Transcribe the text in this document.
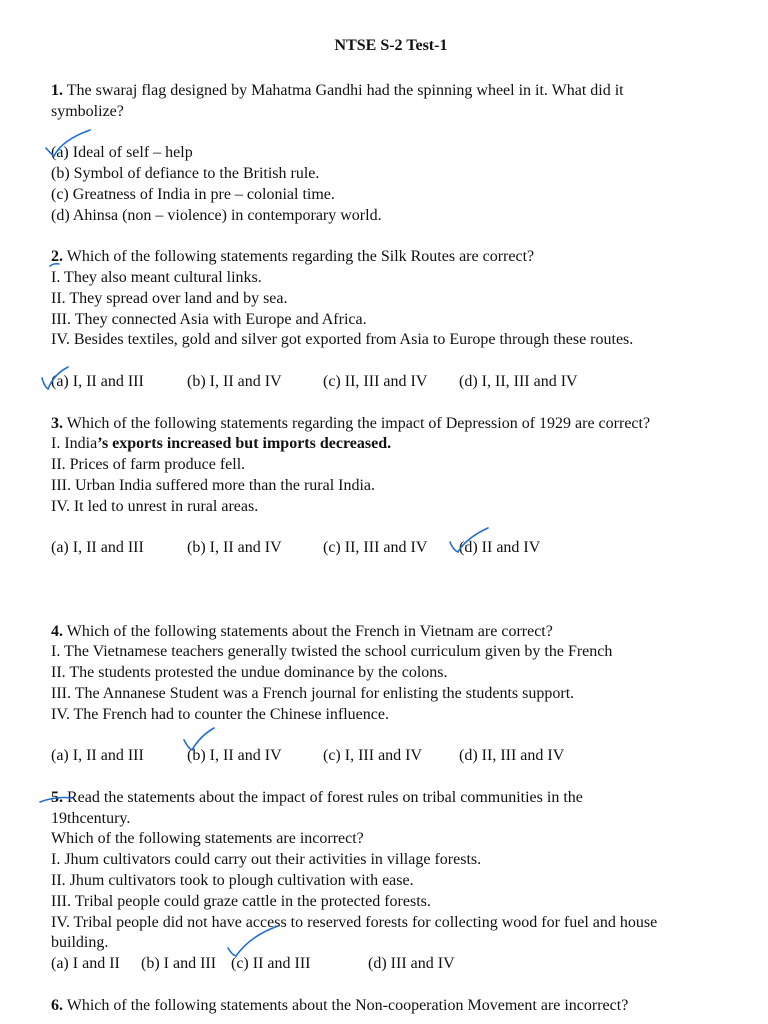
NTSE S-2 Test-1
1. The swaraj flag designed by Mahatma Gandhi had the spinning wheel in it. What did it
symbolize?
(a) Ideal of self – help
(b) Symbol of defiance to the British rule.
(c) Greatness of India in pre – colonial time.
(d) Ahinsa (non – violence) in contemporary world.
2. Which of the following statements regarding the Silk Routes are correct?
I. They also meant cultural links.
II. They spread over land and by sea.
III. They connected Asia with Europe and Africa.
IV. Besides textiles, gold and silver got exported from Asia to Europe through these routes.
(a) I, II and III	(b) I, II and IV	(c) II, III and IV (d) I, II, III and IV
3. Which of the following statements regarding the impact of Depression of 1929 are correct?
I. India’s exports increased but imports decreased.
II. Prices of farm produce fell.
III. Urban India suffered more than the rural India.
IV. It led to unrest in rural areas.
(a) I, II and III	(b) I, II and IV	(c) II, III and IV (d) II and IV
4. Which of the following statements about the French in Vietnam are correct?
I. The Vietnamese teachers generally twisted the school curriculum given by the French
II. The students protested the undue dominance by the colons.
III. The Annanese Student was a French journal for enlisting the students support.
IV. The French had to counter the Chinese influence.
(a) I, II and III	(b) I, II and IV	(c) I, III and IV (d) II, III and IV
5. Read the statements about the impact of forest rules on tribal communities in the
19thcentury.
Which of the following statements are incorrect?
I. Jhum cultivators could carry out their activities in village forests.
II. Jhum cultivators took to plough cultivation with ease.
III. Tribal people could graze cattle in the protected forests.
IV. Tribal people did not have access to reserved forests for collecting wood for fuel and house
building.
(a) I and II (b) I and III (c) II and III	(d) III and IV
6. Which of the following statements about the Non-cooperation Movement are incorrect?
